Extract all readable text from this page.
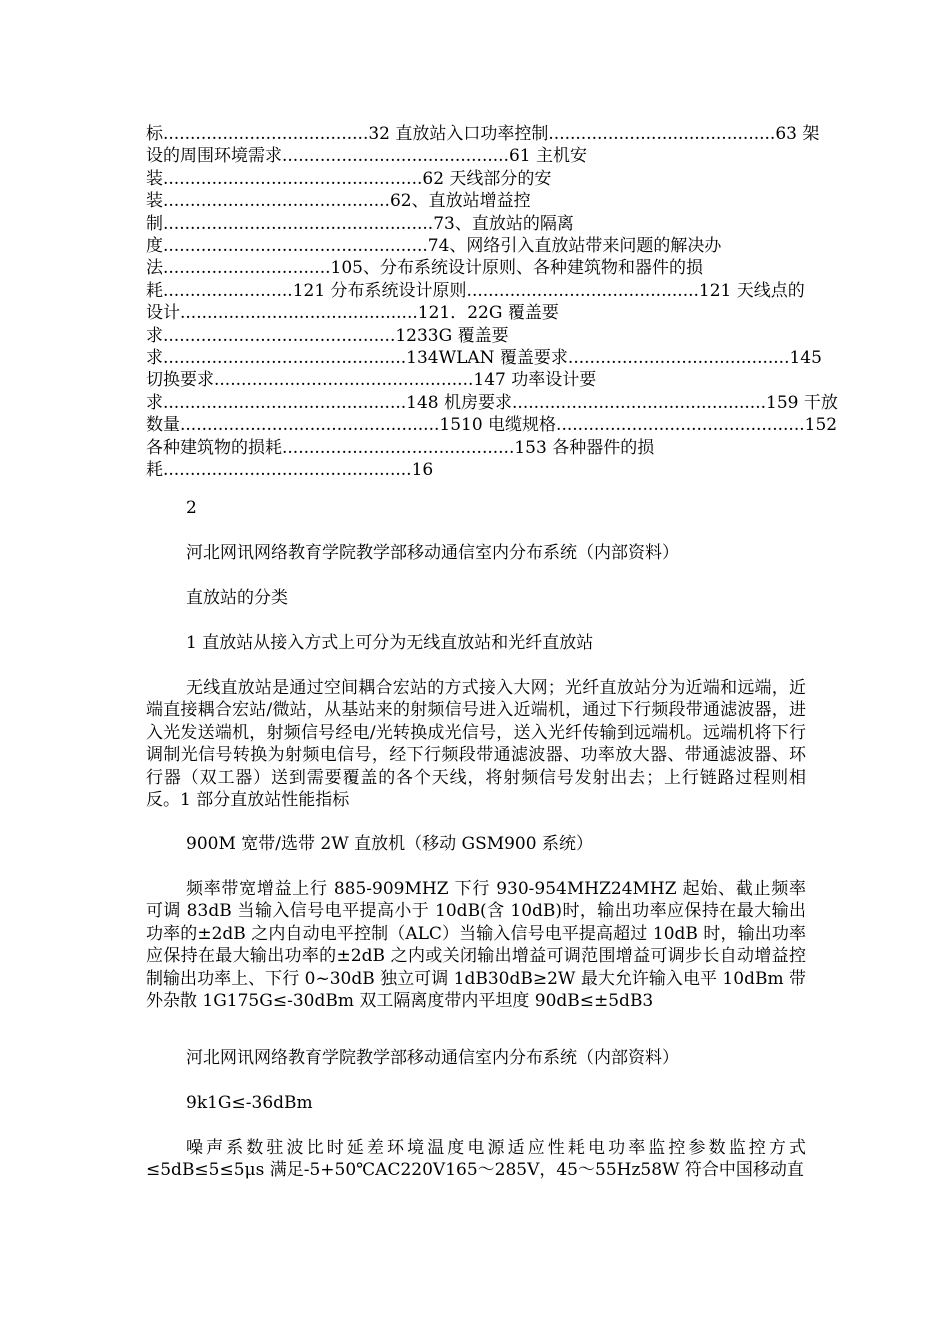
标......................................32 直放站入口功率控制..........................................63 架
设的周围环境需求..........................................61 主机安
装................................................62 天线部分的安
装..........................................62、直放站增益控
制..................................................73、直放站的隔离
度.................................................74、网络引入直放站带来问题的解决办
法...............................105、分布系统设计原则、各种建筑物和器件的损
耗........................121 分布系统设计原则...........................................121 天线点的
设计............................................121．22G 覆盖要
求...........................................1233G 覆盖要
求.............................................134WLAN 覆盖要求.........................................145
切换要求................................................147 功率设计要
求.............................................148 机房要求...............................................159 干放
数量................................................1510 电缆规格..............................................152
各种建筑物的损耗...........................................153 各种器件的损
耗..............................................16
2
河北网讯网络教育学院教学部移动通信室内分布系统（内部资料）
直放站的分类
1 直放站从接入方式上可分为无线直放站和光纤直放站
无线直放站是通过空间耦合宏站的方式接入大网；光纤直放站分为近端和远端，近端直接耦合宏站/微站，从基站来的射频信号进入近端机，通过下行频段带通滤波器，进入光发送端机，射频信号经电/光转换成光信号，送入光纤传输到远端机。远端机将下行调制光信号转换为射频电信号，经下行频段带通滤波器、功率放大器、带通滤波器、环行器（双工器）送到需要覆盖的各个天线，将射频信号发射出去；上行链路过程则相反。1 部分直放站性能指标
900M 宽带/选带 2W 直放机（移动 GSM900 系统）
频率带宽增益上行 885-909MHZ 下行 930-954MHZ24MHZ 起始、截止频率可调 83dB 当输入信号电平提高小于 10dB(含 10dB)时，输出功率应保持在最大输出功率的±2dB 之内自动电平控制（ALC）当输入信号电平提高超过 10dB 时，输出功率应保持在最大输出功率的±2dB 之内或关闭输出增益可调范围增益可调步长自动增益控制输出功率上、下行 0~30dB 独立可调 1dB30dB≥2W 最大允许输入电平 10dBm 带外杂散 1G175G≤-30dBm 双工隔离度带内平坦度 90dB≤±5dB3
河北网讯网络教育学院教学部移动通信室内分布系统（内部资料）
9k1G≤-36dBm
噪声系数驻波比时延差环境温度电源适应性耗电功率监控参数监控方式≤5dB≤5≤5μs 满足-5+50℃AC220V165～285V，45～55Hz58W 符合中国移动直
